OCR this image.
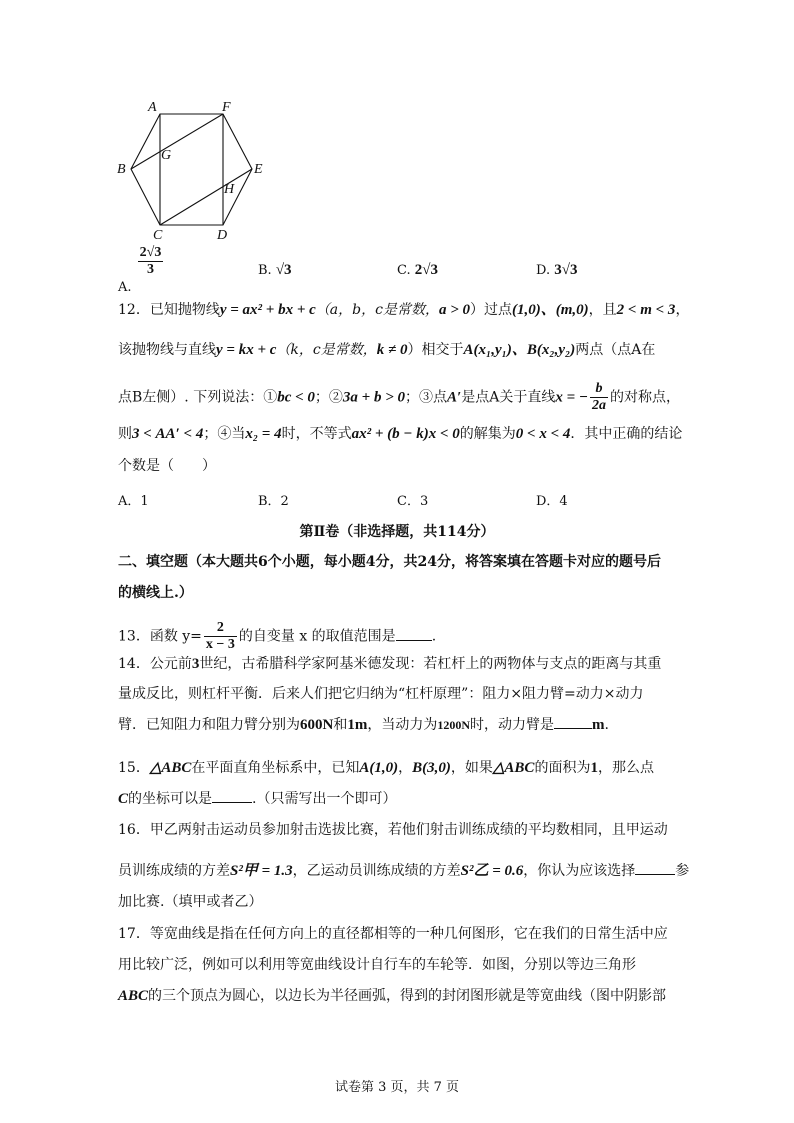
A	F
B
G
E
H
C	D
A.
$\frac{2√3}{3}$	B. √3	C. 2√3	D. 3√3
12．已知抛物线y = ax² + bx + c（a，b，c是常数，a > 0）过点(1,0)、(m,0)，且2 < m < 3，
该抛物线与直线y = kx + c（k，c是常数，k ≠ 0）相交于A(x₁,y₁)、B(x₂,y₂)两点（点A在
点B左侧）. 下列说法：①bc < 0；②3a + b > 0；③点A′是点A关于直线x = − $\frac{b}{2a}$ 的对称点，
则3 < AA′ < 4；④当x₂ = 4时，不等式ax² + (b − k)x < 0的解集为0 < x < 4．其中正确的结论
个数是（　　）
A．1	B．2	C．3	D．4
第Ⅱ卷（非选择题，共114分）
二、填空题（本大题共6个小题，每小题4分，共24分，将答案填在答题卡对应的题号后
的横线上.）
13．函数 $y= \frac{2}{x - 3}$ 的自变量 x 的取值范围是	.
14．公元前3世纪，古希腊科学家阿基米德发现：若杠杆上的两物体与支点的距离与其重
量成反比，则杠杆平衡．后来人们把它归纳为“杠杆原理”：阻力×阻力臂=动力×动力
臂．已知阻力和阻力臂分别为600N和1m，当动力为1200N时，动力臂是	m.
15．△ABC在平面直角坐标系中，已知A(1,0)，B(3,0)，如果△ABC的面积为1，那么点
C的坐标可以是	.（只需写出一个即可）
16．甲乙两射击运动员参加射击选拔比赛，若他们射击训练成绩的平均数相同，且甲运动
员训练成绩的方差S²甲 = 1.3，乙运动员训练成绩的方差S²乙 = 0.6，你认为应该选择	参
加比赛.（填甲或者乙）
17．等宽曲线是指在任何方向上的直径都相等的一种几何图形，它在我们的日常生活中应
用比较广泛，例如可以利用等宽曲线设计自行车的车轮等．如图，分别以等边三角形
ABC的三个顶点为圆心，以边长为半径画弧，得到的封闭图形就是等宽曲线（图中阴影部
试卷第 3 页，共 7 页
